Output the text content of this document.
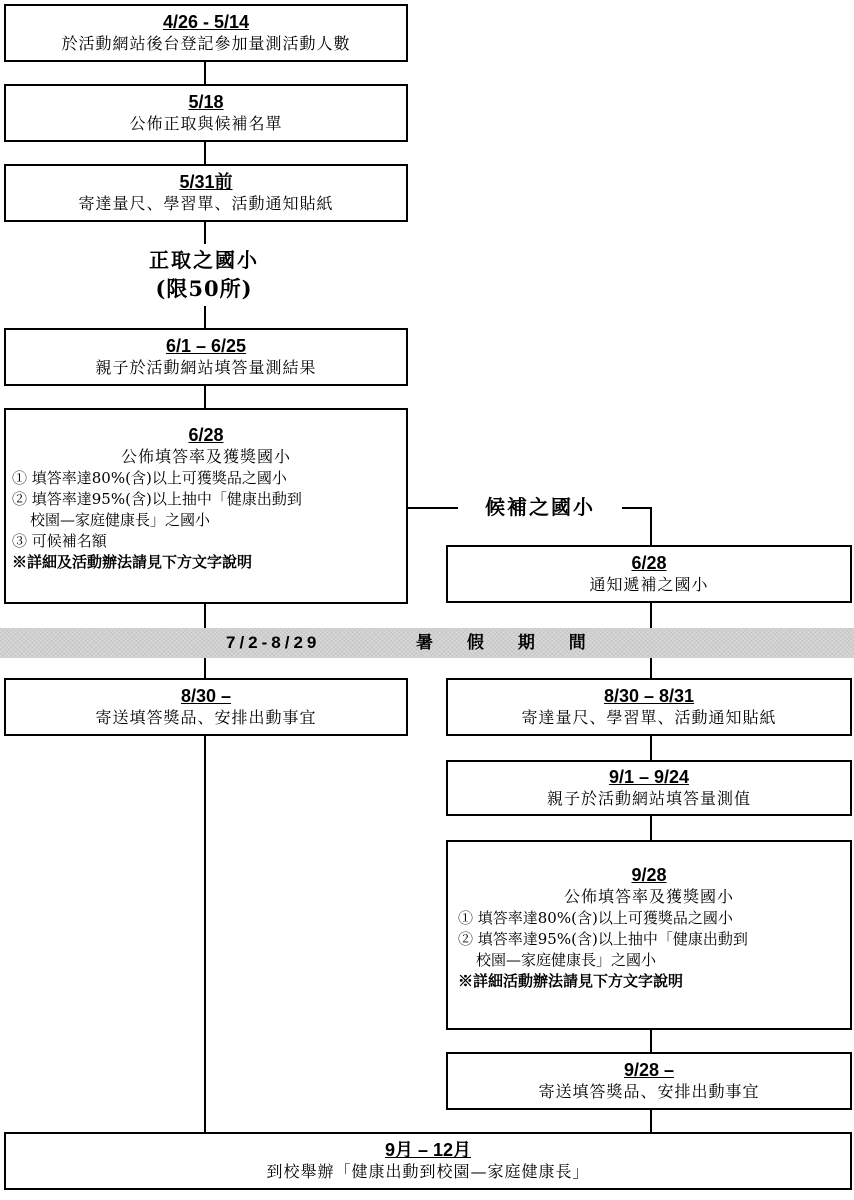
4/26 - 5/14
於活動網站後台登記參加量測活動人數
5/18
公佈正取與候補名單
5/31前
寄達量尺、學習單、活動通知貼紙
正取之國小
(限50所)
6/1 – 6/25
親子於活動網站填答量測結果
6/28
公佈填答率及獲獎國小
① 填答率達80%(含)以上可獲獎品之國小
② 填答率達95%(含)以上抽中「健康出動到
校園—家庭健康長」之國小
③ 可候補名額
※詳細及活動辦法請見下方文字說明
候補之國小
6/28
通知遞補之國小
7/2-8/29	暑 假 期 間
8/30 –
寄送填答獎品、安排出動事宜
8/30 – 8/31
寄達量尺、學習單、活動通知貼紙
9/1 – 9/24
親子於活動網站填答量測值
9/28
公佈填答率及獲獎國小
① 填答率達80%(含)以上可獲獎品之國小
② 填答率達95%(含)以上抽中「健康出動到
校園—家庭健康長」之國小
※詳細活動辦法請見下方文字說明
9/28 –
寄送填答獎品、安排出動事宜
9月 – 12月
到校舉辦「健康出動到校園—家庭健康長」
